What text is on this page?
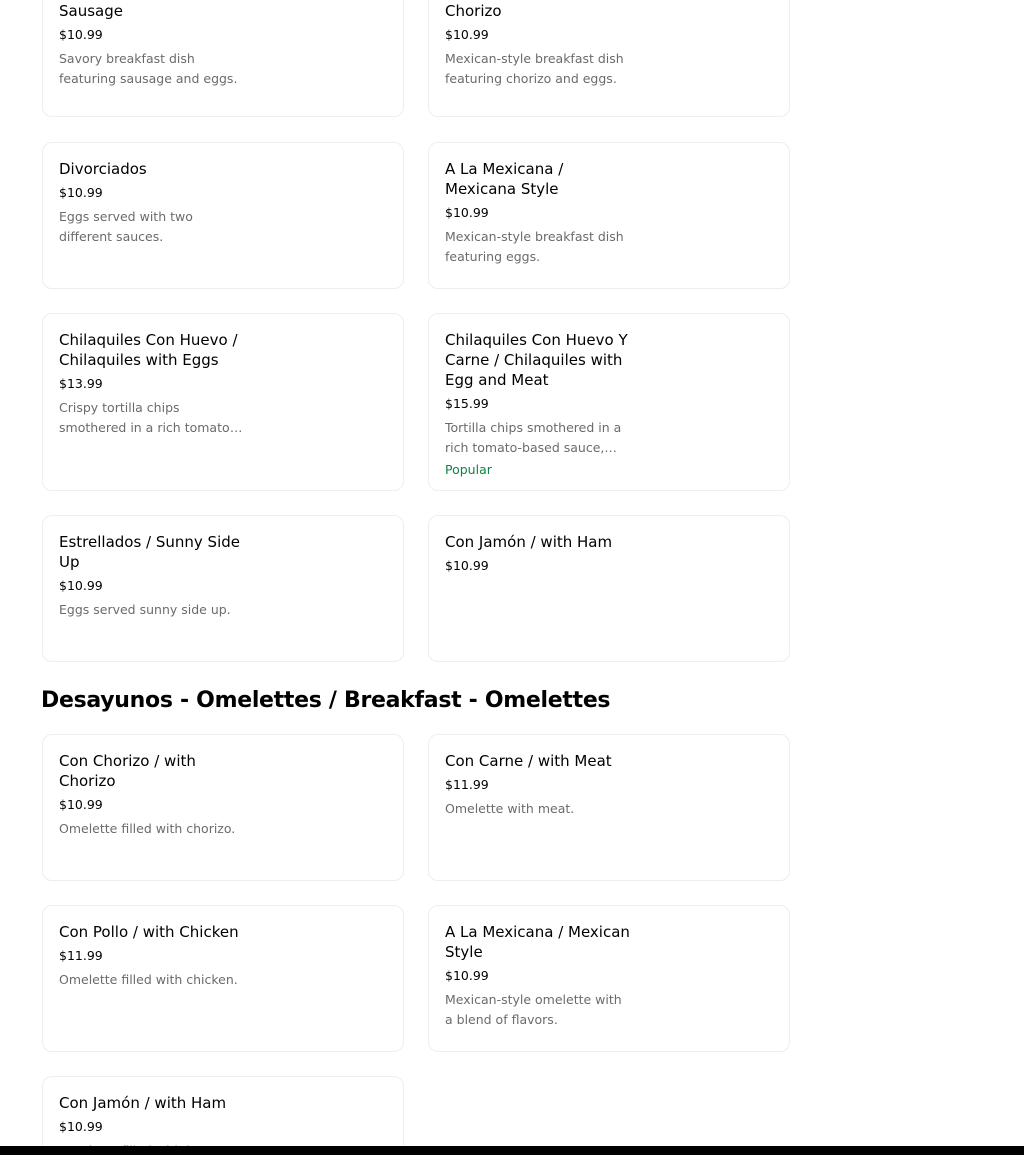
Sausage
$10.99
Savory breakfast dish featuring sausage and eggs.
Chorizo
$10.99
Mexican-style breakfast dish featuring chorizo and eggs.
Divorciados
$10.99
Eggs served with two different sauces.
A La Mexicana / Mexicana Style
$10.99
Mexican-style breakfast dish featuring eggs.
Chilaquiles Con Huevo / Chilaquiles with Eggs
$13.99
Crispy tortilla chips smothered in a rich tomato-
Chilaquiles Con Huevo Y Carne / Chilaquiles with Egg and Meat
$15.99
Tortilla chips smothered in a rich tomato-based sauce,
Popular
Estrellados / Sunny Side Up
$10.99
Eggs served sunny side up.
Con Jamón / with Ham
$10.99
Desayunos - Omelettes / Breakfast - Omelettes
Con Chorizo / with Chorizo
$10.99
Omelette filled with chorizo.
Con Carne / with Meat
$11.99
Omelette with meat.
Con Pollo / with Chicken
$11.99
Omelette filled with chicken.
A La Mexicana / Mexican Style
$10.99
Mexican-style omelette with a blend of flavors.
Con Jamón / with Ham
$10.99
